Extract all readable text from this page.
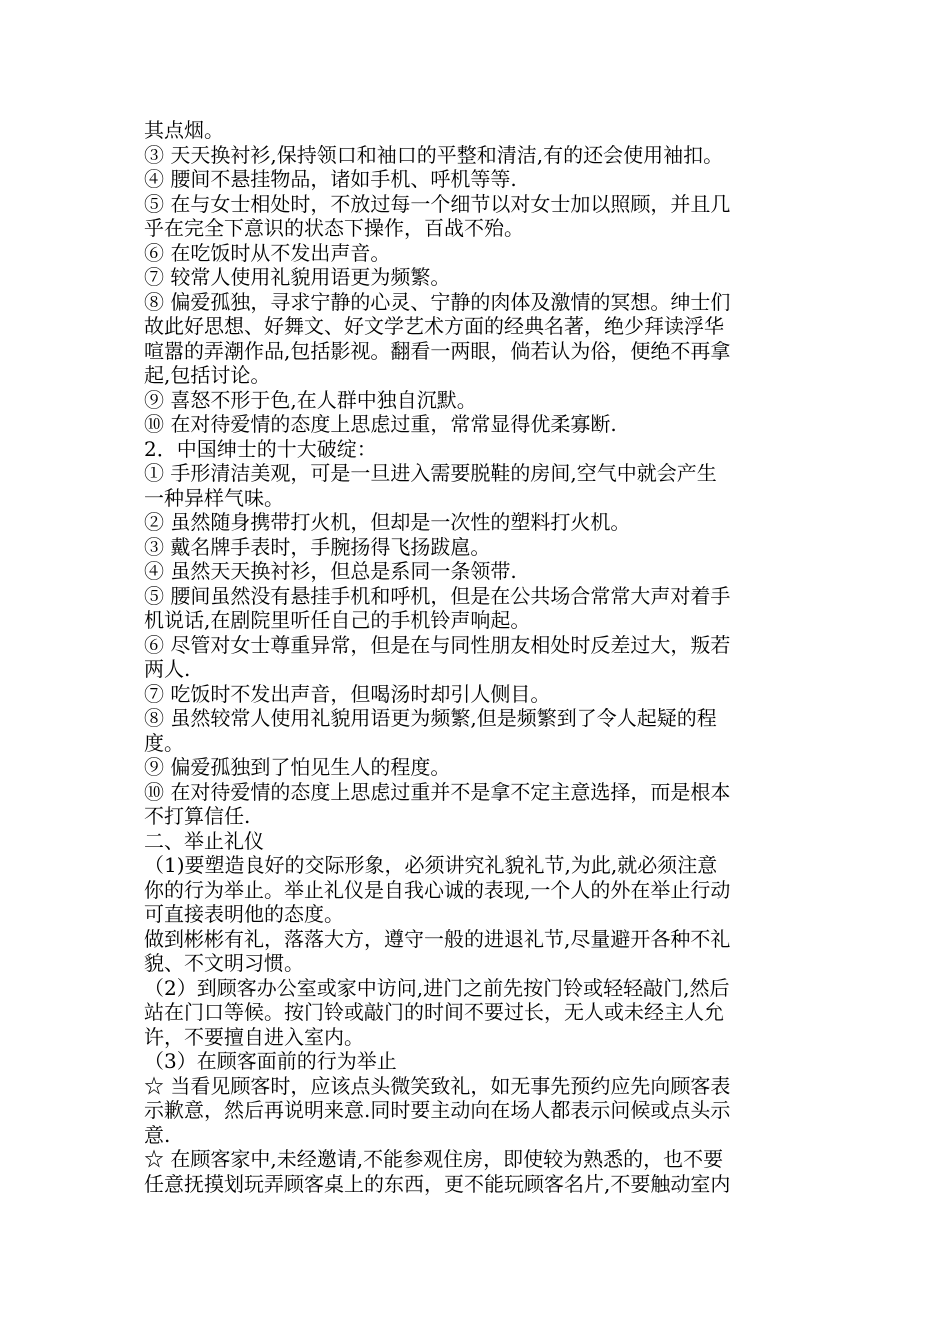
其点烟。
③ 天天换衬衫,保持领口和袖口的平整和清洁,有的还会使用袖扣。
④ 腰间不悬挂物品，诸如手机、呼机等等.
⑤ 在与女士相处时，不放过每一个细节以对女士加以照顾，并且几
乎在完全下意识的状态下操作，百战不殆。
⑥ 在吃饭时从不发出声音。
⑦ 较常人使用礼貌用语更为频繁。
⑧ 偏爱孤独，寻求宁静的心灵、宁静的肉体及激情的冥想。绅士们
故此好思想、好舞文、好文学艺术方面的经典名著，绝少拜读浮华
喧嚣的弄潮作品,包括影视。翻看一两眼，倘若认为俗，便绝不再拿
起,包括讨论。
⑨ 喜怒不形于色,在人群中独自沉默。
⑩ 在对待爱情的态度上思虑过重，常常显得优柔寡断.
2．中国绅士的十大破绽：
① 手形清洁美观，可是一旦进入需要脱鞋的房间,空气中就会产生
一种异样气味。
② 虽然随身携带打火机，但却是一次性的塑料打火机。
③ 戴名牌手表时，手腕扬得飞扬跋扈。
④ 虽然天天换衬衫，但总是系同一条领带.
⑤ 腰间虽然没有悬挂手机和呼机，但是在公共场合常常大声对着手
机说话,在剧院里听任自己的手机铃声响起。
⑥ 尽管对女士尊重异常，但是在与同性朋友相处时反差过大，叛若
两人.
⑦ 吃饭时不发出声音，但喝汤时却引人侧目。
⑧ 虽然较常人使用礼貌用语更为频繁,但是频繁到了令人起疑的程
度。
⑨ 偏爱孤独到了怕见生人的程度。
⑩ 在对待爱情的态度上思虑过重并不是拿不定主意选择，而是根本
不打算信任.
二、举止礼仪
（1)要塑造良好的交际形象，必须讲究礼貌礼节,为此,就必须注意
你的行为举止。举止礼仪是自我心诚的表现,一个人的外在举止行动
可直接表明他的态度。
做到彬彬有礼，落落大方，遵守一般的进退礼节,尽量避开各种不礼
貌、不文明习惯。
（2）到顾客办公室或家中访问,进门之前先按门铃或轻轻敲门,然后
站在门口等候。按门铃或敲门的时间不要过长，无人或未经主人允
许，不要擅自进入室内。
（3）在顾客面前的行为举止
☆ 当看见顾客时，应该点头微笑致礼，如无事先预约应先向顾客表
示歉意，然后再说明来意.同时要主动向在场人都表示问候或点头示
意.
☆ 在顾客家中,未经邀请,不能参观住房，即使较为熟悉的，也不要
任意抚摸划玩弄顾客桌上的东西，更不能玩顾客名片,不要触动室内
